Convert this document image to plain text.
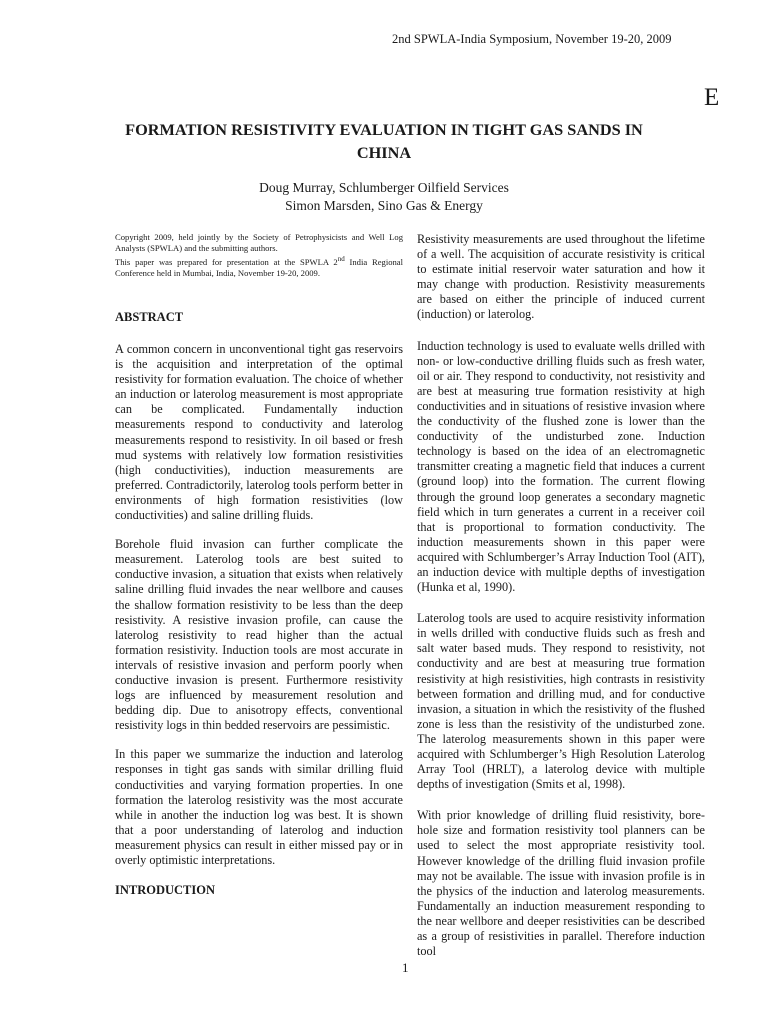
2nd SPWLA-India Symposium, November 19-20, 2009
E
FORMATION RESISTIVITY EVALUATION IN TIGHT GAS SANDS IN CHINA
Doug Murray, Schlumberger Oilfield Services
Simon Marsden, Sino Gas & Energy

Copyright 2009, held jointly by the Society of Petrophysicists and Well Log Analysts (SPWLA) and the submitting authors.

This paper was prepared for presentation at the SPWLA 2nd India Regional Conference held in Mumbai, India, November 19-20, 2009.

ABSTRACT

A common concern in unconventional tight gas reservoirs is the acquisition and interpretation of the optimal resistivity for formation evaluation. The choice of whether an induction or laterolog measurement is most appropriate can be complicated. Fundamentally induction measurements respond to conductivity and laterolog measurements respond to resistivity. In oil based or fresh mud systems with relatively low formation resistivities (high conductivities), induction measurements are preferred. Contradictorily, laterolog tools perform better in environments of high formation resistivities (low conductivities) and saline drilling fluids.

Borehole fluid invasion can further complicate the measurement. Laterolog tools are best suited to conductive invasion, a situation that exists when relatively saline drilling fluid invades the near wellbore and causes the shallow formation resistivity to be less than the deep resistivity. A resistive invasion profile, can cause the laterolog resistivity to read higher than the actual formation resistivity. Induction tools are most accurate in intervals of resistive invasion and perform poorly when conductive invasion is present. Furthermore resistivity logs are influenced by measurement resolution and bedding dip. Due to anisotropy effects, conventional resistivity logs in thin bedded reservoirs are pessimistic.

In this paper we summarize the induction and laterolog responses in tight gas sands with similar drilling fluid conductivities and varying formation properties. In one formation the laterolog resistivity was the most accurate while in another the induction log was best. It is shown that a poor understanding of laterolog and induction measurement physics can result in either missed pay or in overly optimistic interpretations.

INTRODUCTION

Resistivity measurements are used throughout the lifetime of a well. The acquisition of accurate resistivity is critical to estimate initial reservoir water saturation and how it may change with production. Resistivity measurements are based on either the principle of induced current (induction) or laterolog.

Induction technology is used to evaluate wells drilled with non- or low-conductive drilling fluids such as fresh water, oil or air. They respond to conductivity, not resistivity and are best at measuring true formation resistivity at high conductivities and in situations of resistive invasion where the conductivity of the flushed zone is lower than the conductivity of the undisturbed zone. Induction technology is based on the idea of an electromagnetic transmitter creating a magnetic field that induces a current (ground loop) into the formation. The current flowing through the ground loop generates a secondary magnetic field which in turn generates a current in a receiver coil that is proportional to formation conductivity. The induction measurements shown in this paper were acquired with Schlumberger’s Array Induction Tool (AIT), an induction device with multiple depths of investigation (Hunka et al, 1990).

Laterolog tools are used to acquire resistivity information in wells drilled with conductive fluids such as fresh and salt water based muds. They respond to resistivity, not conductivity and are best at measuring true formation resistivity at high resistivities, high contrasts in resistivity between formation and drilling mud, and for conductive invasion, a situation in which the resistivity of the flushed zone is less than the resistivity of the undisturbed zone. The laterolog measurements shown in this paper were acquired with Schlumberger’s High Resolution Laterolog Array Tool (HRLT), a laterolog device with multiple depths of investigation (Smits et al, 1998).

With prior knowledge of drilling fluid resistivity, bore-hole size and formation resistivity tool planners can be used to select the most appropriate resistivity tool. However knowledge of the drilling fluid invasion profile may not be available. The issue with invasion profile is in the physics of the induction and laterolog measurements. Fundamentally an induction measurement responding to the near wellbore and deeper resistivities can be described as a group of resistivities in parallel. Therefore induction tool

1
